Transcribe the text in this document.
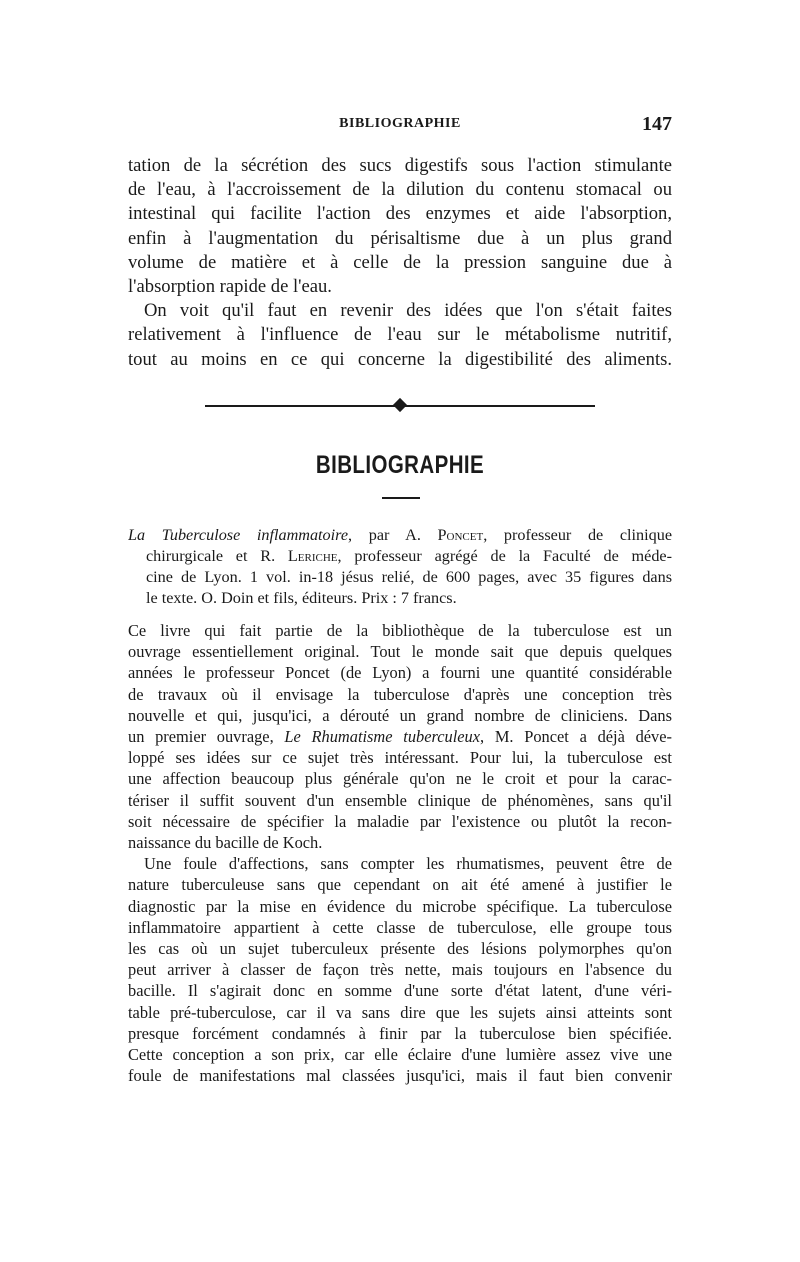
BIBLIOGRAPHIE	147
tation de la sécrétion des sucs digestifs sous l'action stimulante
de l'eau, à l'accroissement de la dilution du contenu stomacal ou
intestinal qui facilite l'action des enzymes et aide l'absorption,
enfin à l'augmentation du périsaltisme due à un plus grand
volume de matière et à celle de la pression sanguine due à
l'absorption rapide de l'eau.
On voit qu'il faut en revenir des idées que l'on s'était faites
relativement à l'influence de l'eau sur le métabolisme nutritif,
tout au moins en ce qui concerne la digestibilité des aliments.
BIBLIOGRAPHIE
La Tuberculose inflammatoire, par A. Poncet, professeur de clinique
chirurgicale et R. Leriche, professeur agrégé de la Faculté de méde-
cine de Lyon. 1 vol. in-18 jésus relié, de 600 pages, avec 35 figures dans
le texte. O. Doin et fils, éditeurs. Prix : 7 francs.
Ce livre qui fait partie de la bibliothèque de la tuberculose est un
ouvrage essentiellement original. Tout le monde sait que depuis quelques
années le professeur Poncet (de Lyon) a fourni une quantité considérable
de travaux où il envisage la tuberculose d'après une conception très
nouvelle et qui, jusqu'ici, a dérouté un grand nombre de cliniciens. Dans
un premier ouvrage, Le Rhumatisme tuberculeux, M. Poncet a déjà déve-
loppé ses idées sur ce sujet très intéressant. Pour lui, la tuberculose est
une affection beaucoup plus générale qu'on ne le croit et pour la carac-
tériser il suffit souvent d'un ensemble clinique de phénomènes, sans qu'il
soit nécessaire de spécifier la maladie par l'existence ou plutôt la recon-
naissance du bacille de Koch.
Une foule d'affections, sans compter les rhumatismes, peuvent être de
nature tuberculeuse sans que cependant on ait été amené à justifier le
diagnostic par la mise en évidence du microbe spécifique. La tuberculose
inflammatoire appartient à cette classe de tuberculose, elle groupe tous
les cas où un sujet tuberculeux présente des lésions polymorphes qu'on
peut arriver à classer de façon très nette, mais toujours en l'absence du
bacille. Il s'agirait donc en somme d'une sorte d'état latent, d'une véri-
table pré-tuberculose, car il va sans dire que les sujets ainsi atteints sont
presque forcément condamnés à finir par la tuberculose bien spécifiée.
Cette conception a son prix, car elle éclaire d'une lumière assez vive une
foule de manifestations mal classées jusqu'ici, mais il faut bien convenir
